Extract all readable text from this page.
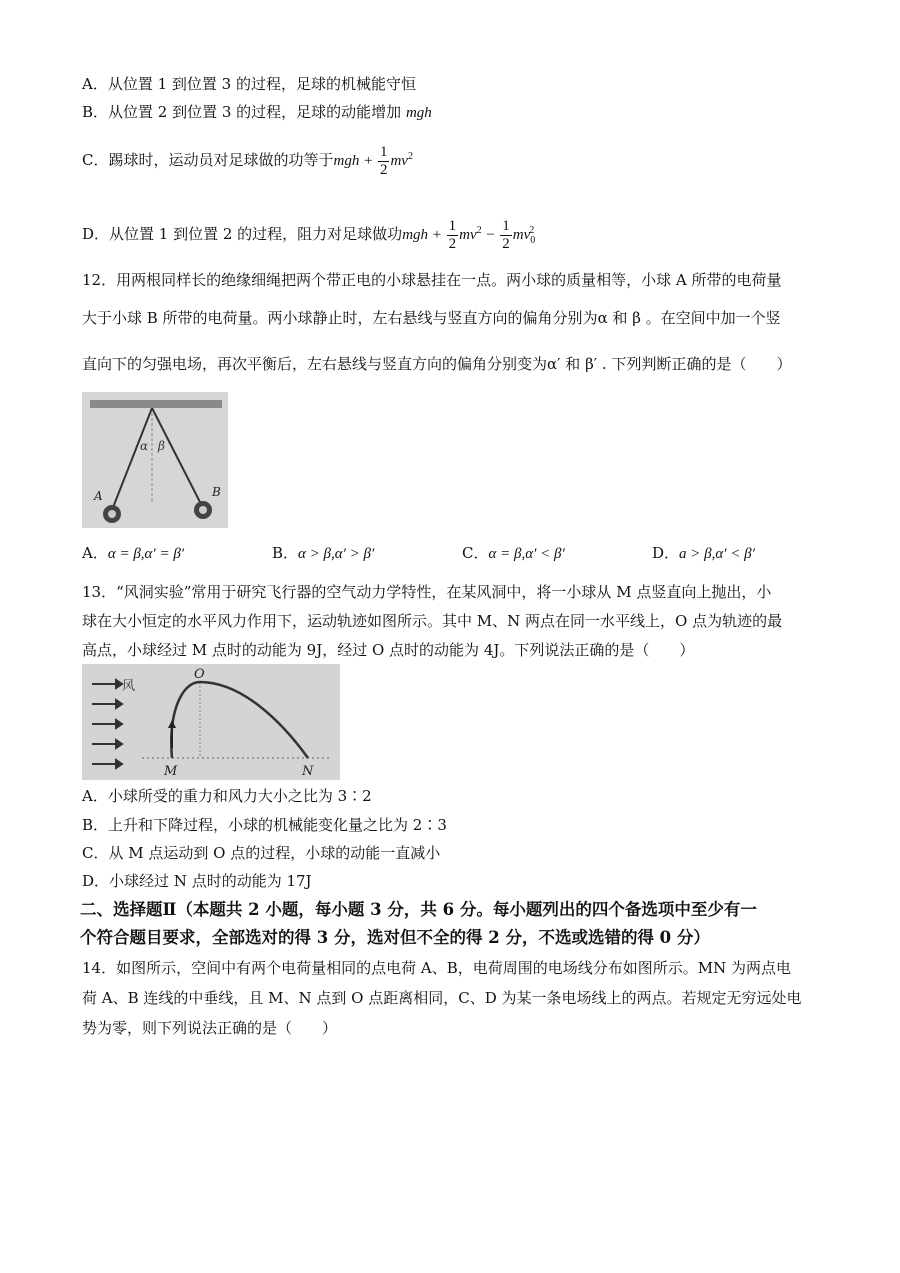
A．从位置 1 到位置 3 的过程，足球的机械能守恒
B．从位置 2 到位置 3 的过程，足球的动能增加 mgh
C．踢球时，运动员对足球做的功等于mgh + $\frac{1}{2} mv^2$
D．从位置 1 到位置 2 的过程，阻力对足球做功mgh + $\frac{1}{2} mv^2 - \frac{1}{2} mv_0^2$
12．用两根同样长的绝缘细绳把两个带正电的小球悬挂在一点。两小球的质量相等，小球 A 所带的电荷量
大于小球 B 所带的电荷量。两小球静止时，左右悬线与竖直方向的偏角分别为α 和 β 。在空间中加一个竖
直向下的匀强电场，再次平衡后，左右悬线与竖直方向的偏角分别变为α′ 和 β′ . 下列判断正确的是（　　）
α β
A	B
A．α = β,α′ = β′	B．α > β,α′ > β′	C．α = β,α′ < β′	D．a > β,α′ < β′
13．“风洞实验”常用于研究飞行器的空气动力学特性，在某风洞中，将一小球从 M 点竖直向上抛出，小
球在大小恒定的水平风力作用下，运动轨迹如图所示。其中 M、N 两点在同一水平线上，O 点为轨迹的最
高点，小球经过 M 点时的动能为 9J，经过 O 点时的动能为 4J。下列说法正确的是（　　）
风
O
M	N
A．小球所受的重力和风力大小之比为 3∶2
B．上升和下降过程，小球的机械能变化量之比为 2∶3
C．从 M 点运动到 O 点的过程，小球的动能一直减小
D．小球经过 N 点时的动能为 17J
二、选择题Ⅱ（本题共 2 小题，每小题 3 分，共 6 分。每小题列出的四个备选项中至少有一
个符合题目要求，全部选对的得 3 分，选对但不全的得 2 分，不选或选错的得 0 分）
14．如图所示，空间中有两个电荷量相同的点电荷 A、B，电荷周围的电场线分布如图所示。MN 为两点电
荷 A、B 连线的中垂线，且 M、N 点到 O 点距离相同，C、D 为某一条电场线上的两点。若规定无穷远处电
势为零，则下列说法正确的是（　　）
